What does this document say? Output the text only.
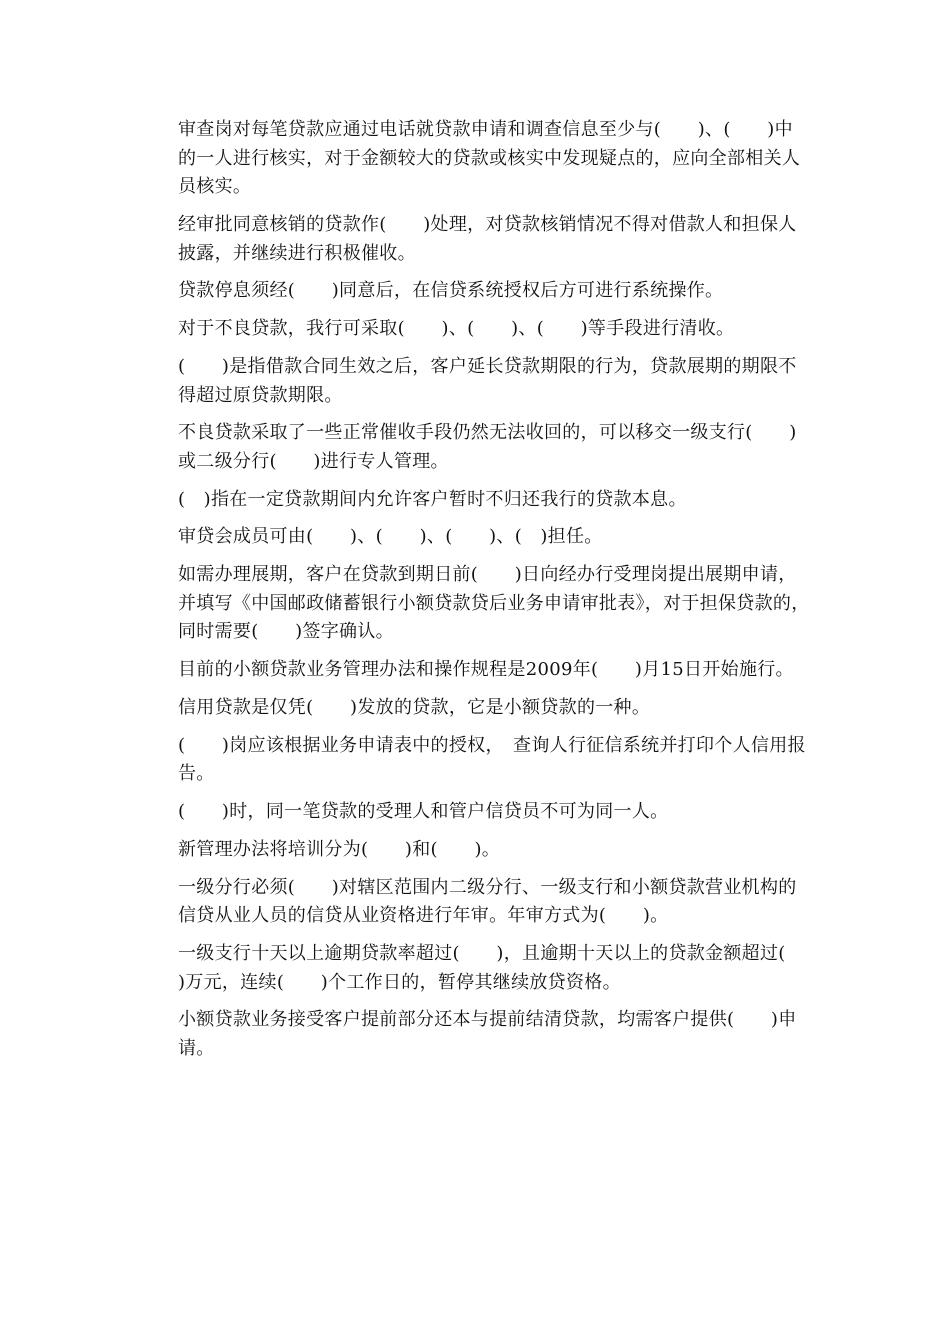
审查岗对每笔贷款应通过电话就贷款申请和调查信息至少与(　　)、(　　)中的一人进行核实，对于金额较大的贷款或核实中发现疑点的，应向全部相关人员核实。

经审批同意核销的贷款作(　　)处理，对贷款核销情况不得对借款人和担保人披露，并继续进行积极催收。

贷款停息须经(　　)同意后，在信贷系统授权后方可进行系统操作。

对于不良贷款，我行可采取(　　)、(　　)、(　　)等手段进行清收。

(　　)是指借款合同生效之后，客户延长贷款期限的行为，贷款展期的期限不得超过原贷款期限。

不良贷款采取了一些正常催收手段仍然无法收回的，可以移交一级支行(　　)或二级分行(　　)进行专人管理。

(　)指在一定贷款期间内允许客户暂时不归还我行的贷款本息。

审贷会成员可由(　　)、(　　)、(　　)、(　)担任。

如需办理展期，客户在贷款到期日前(　　)日向经办行受理岗提出展期申请，并填写《中国邮政储蓄银行小额贷款贷后业务申请审批表》，对于担保贷款的，同时需要(　　)签字确认。

目前的小额贷款业务管理办法和操作规程是2009年(　　)月15日开始施行。

信用贷款是仅凭(　　)发放的贷款，它是小额贷款的一种。

(　　)岗应该根据业务申请表中的授权，　查询人行征信系统并打印个人信用报告。

(　　)时，同一笔贷款的受理人和管户信贷员不可为同一人。

新管理办法将培训分为(　　)和(　　)。

一级分行必须(　　)对辖区范围内二级分行、一级支行和小额贷款营业机构的信贷从业人员的信贷从业资格进行年审。年审方式为(　　)。

一级支行十天以上逾期贷款率超过(　　)，且逾期十天以上的贷款金额超过(　　)万元，连续(　　)个工作日的，暂停其继续放贷资格。

小额贷款业务接受客户提前部分还本与提前结清贷款，均需客户提供(　　)申请。
